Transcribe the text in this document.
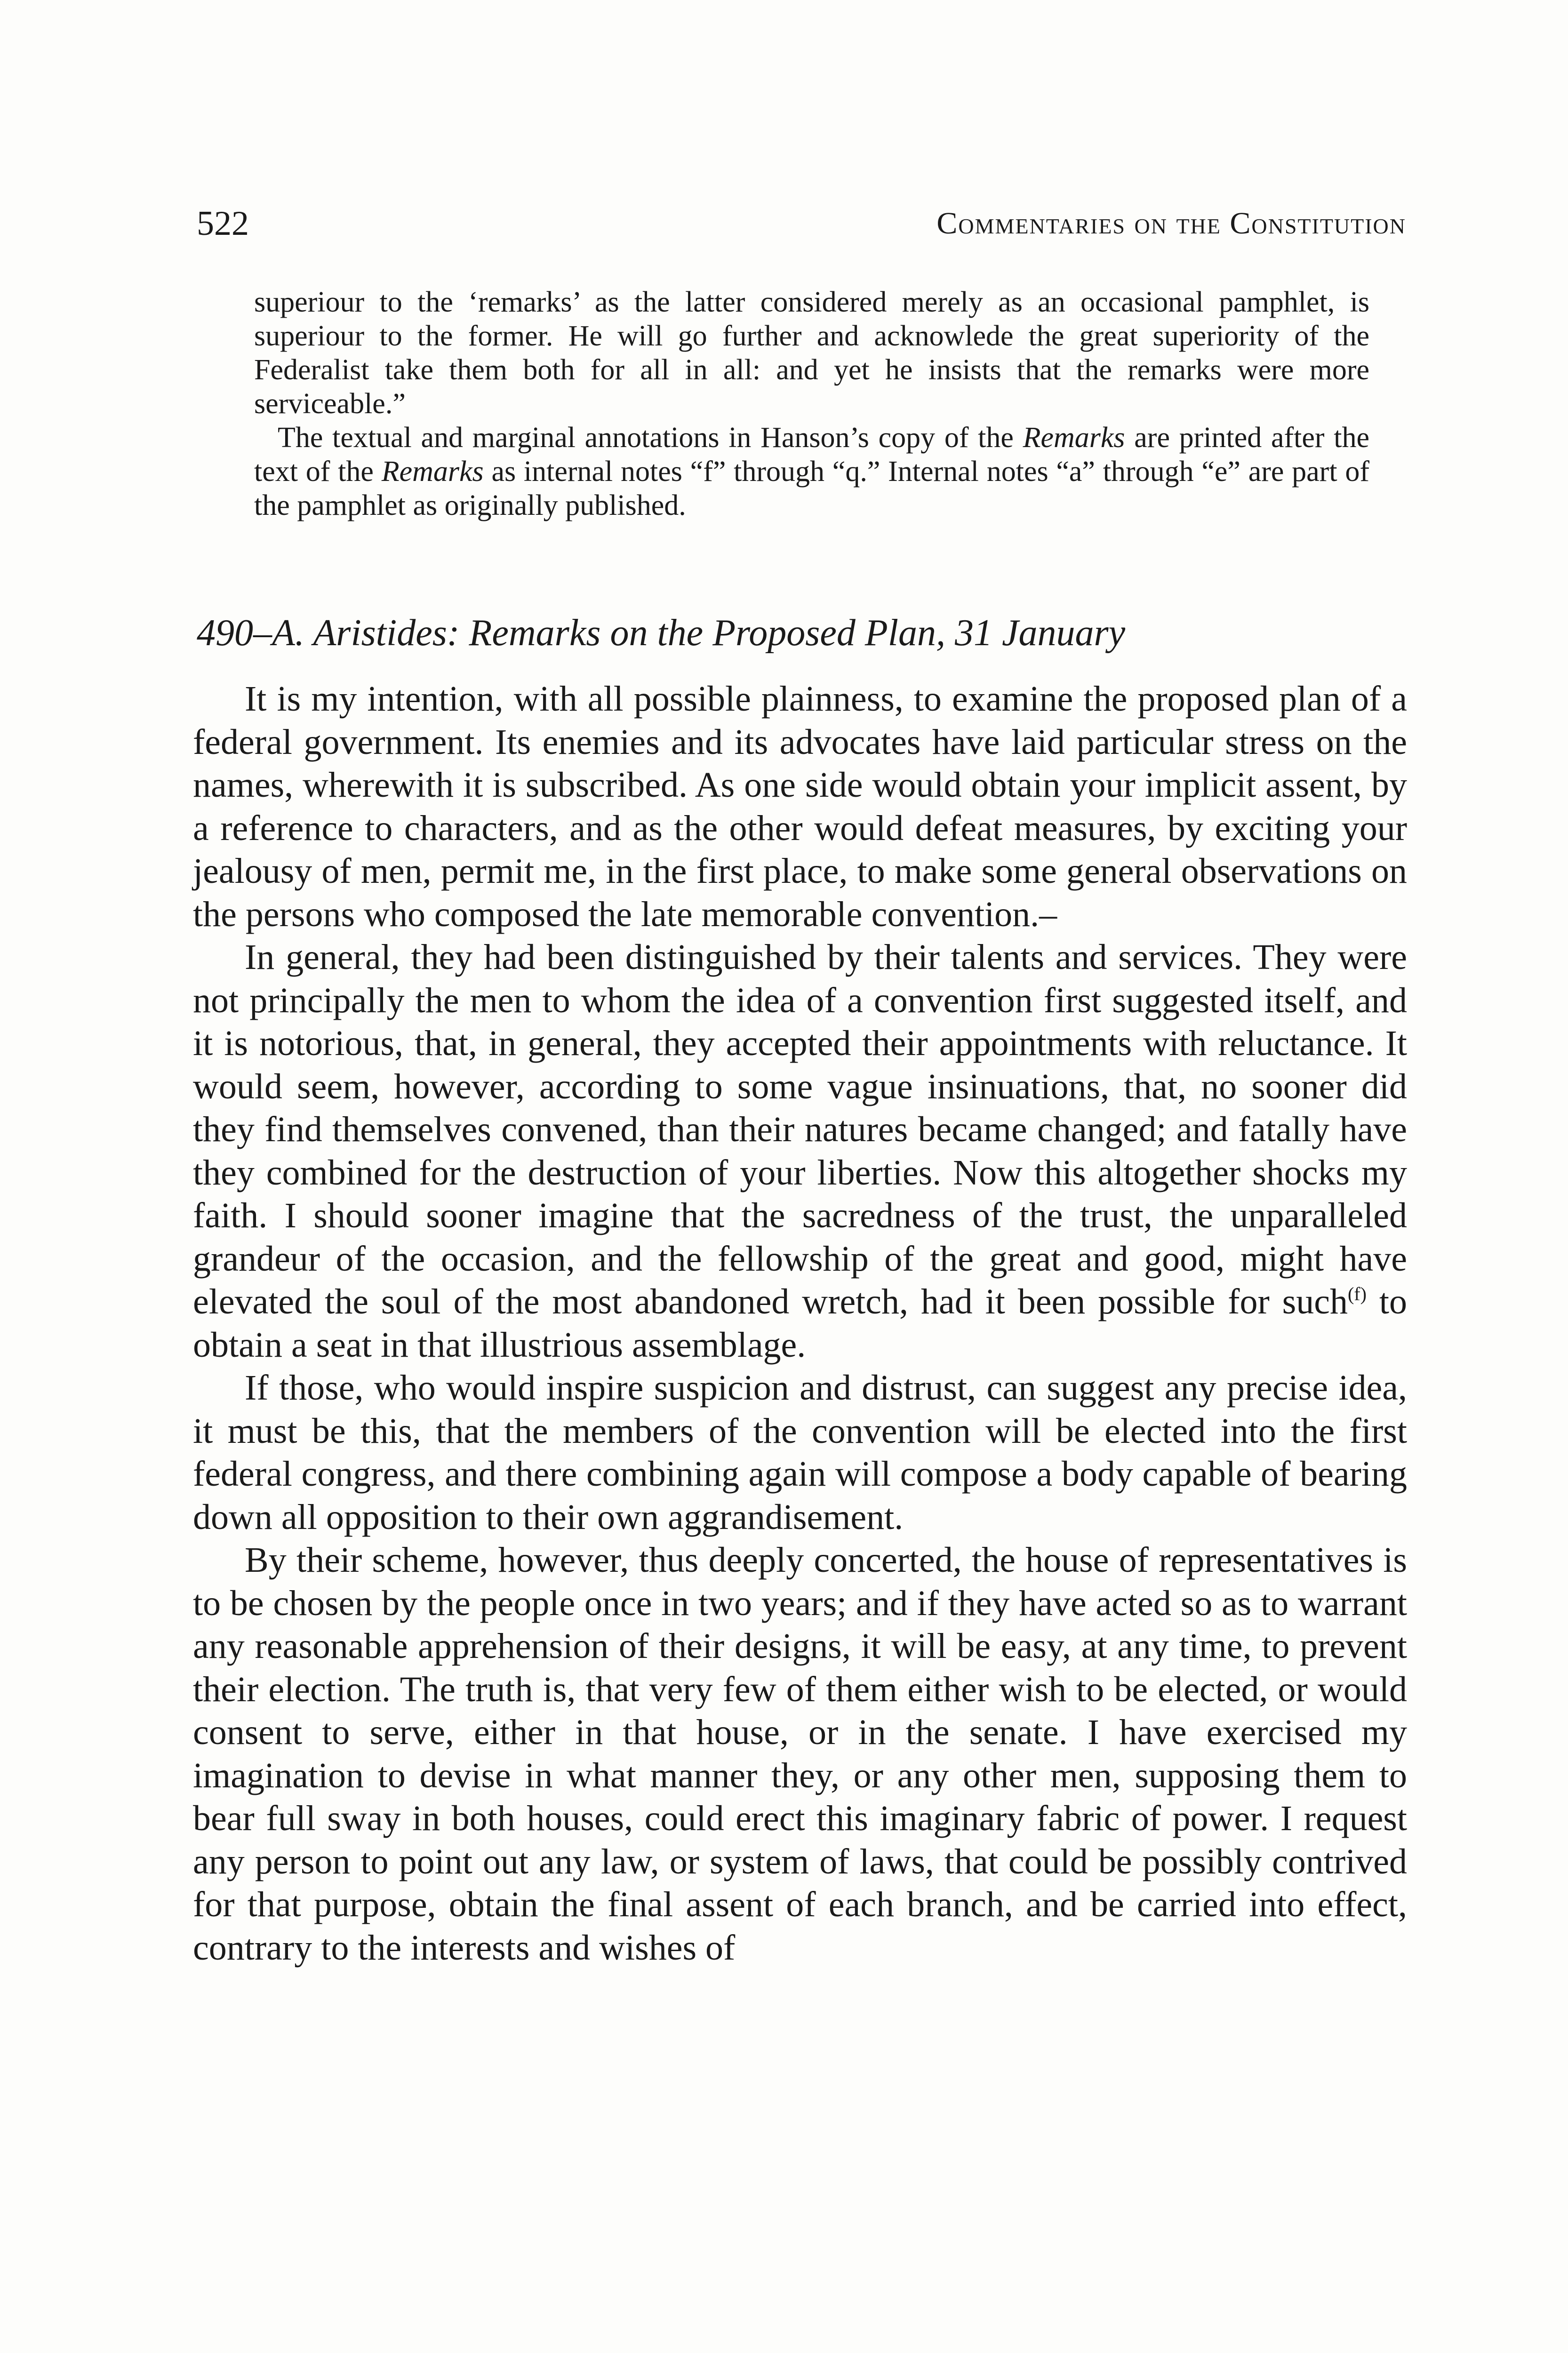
522	Commentaries on the Constitution

superiour to the ‘remarks’ as the latter considered merely as an occasional pamphlet, is superiour to the former. He will go further and acknowlede the great superiority of the Federalist take them both for all in all: and yet he insists that the remarks were more serviceable.”

The textual and marginal annotations in Hanson’s copy of the Remarks are printed after the text of the Remarks as internal notes “f” through “q.” Internal notes “a” through “e” are part of the pamphlet as originally published.

490–A. Aristides: Remarks on the Proposed Plan, 31 January

It is my intention, with all possible plainness, to examine the proposed plan of a federal government. Its enemies and its advocates have laid particular stress on the names, wherewith it is subscribed. As one side would obtain your implicit assent, by a reference to characters, and as the other would defeat measures, by exciting your jealousy of men, permit me, in the first place, to make some general observations on the persons who composed the late memorable convention.–

In general, they had been distinguished by their talents and services. They were not principally the men to whom the idea of a convention first suggested itself, and it is notorious, that, in general, they accepted their appointments with reluctance. It would seem, however, according to some vague insinuations, that, no sooner did they find themselves convened, than their natures became changed; and fatally have they combined for the destruction of your liberties. Now this altogether shocks my faith. I should sooner imagine that the sacredness of the trust, the unparalleled grandeur of the occasion, and the fellowship of the great and good, might have elevated the soul of the most abandoned wretch, had it been possible for such$^{(f)}$ to obtain a seat in that illustrious assemblage.

If those, who would inspire suspicion and distrust, can suggest any precise idea, it must be this, that the members of the convention will be elected into the first federal congress, and there combining again will compose a body capable of bearing down all opposition to their own aggrandisement.

By their scheme, however, thus deeply concerted, the house of representatives is to be chosen by the people once in two years; and if they have acted so as to warrant any reasonable apprehension of their designs, it will be easy, at any time, to prevent their election. The truth is, that very few of them either wish to be elected, or would consent to serve, either in that house, or in the senate. I have exercised my imagination to devise in what manner they, or any other men, supposing them to bear full sway in both houses, could erect this imaginary fabric of power. I request any person to point out any law, or system of laws, that could be possibly contrived for that purpose, obtain the final assent of each branch, and be carried into effect, contrary to the interests and wishes of
